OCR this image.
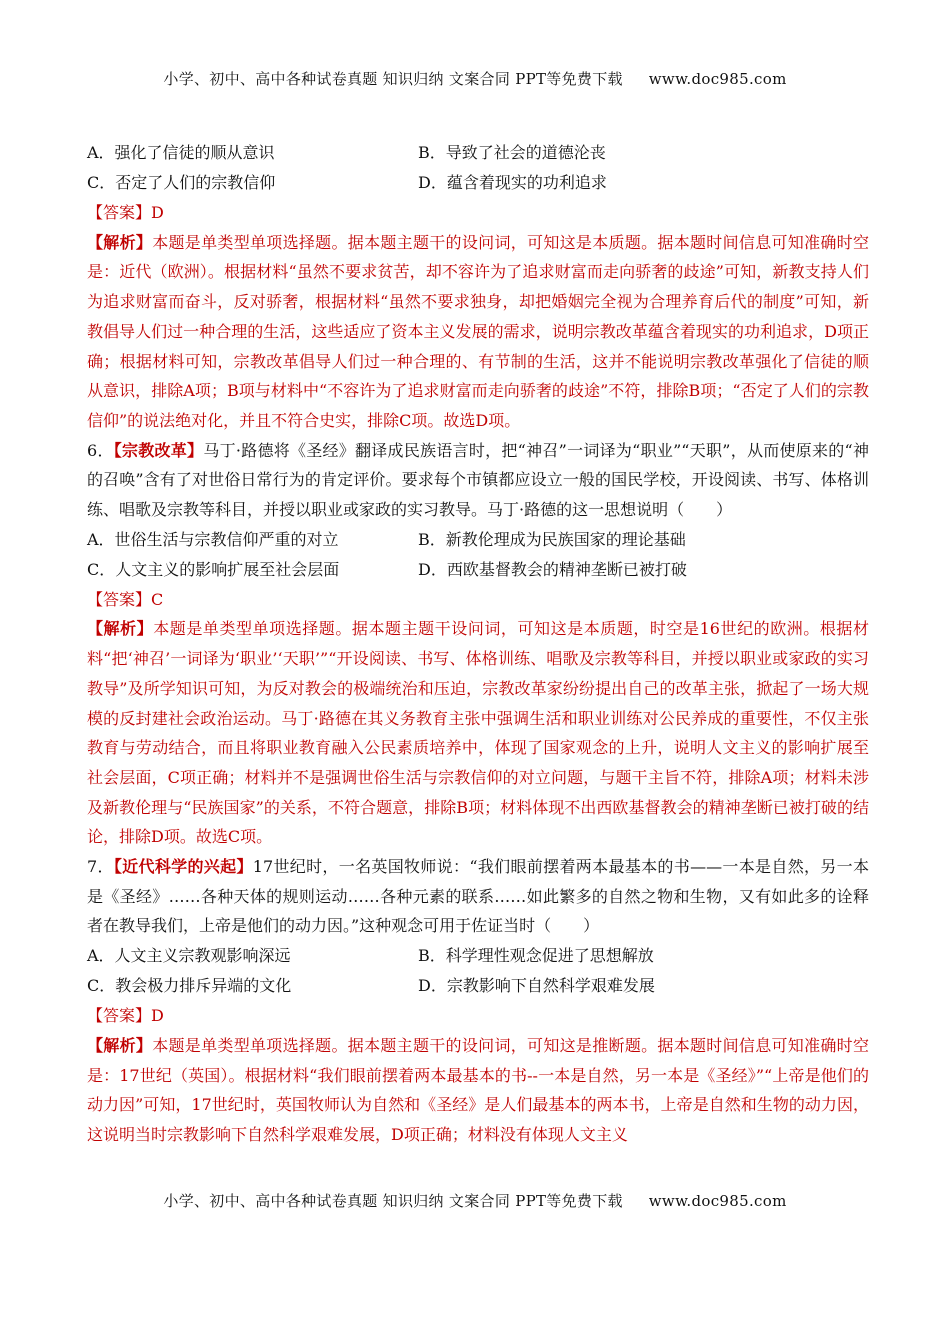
小学、初中、高中各种试卷真题 知识归纳 文案合同 PPT等免费下载 www.doc985.com
A．强化了信徒的顺从意识	B．导致了社会的道德沦丧
C．否定了人们的宗教信仰	D．蕴含着现实的功利追求

【答案】D

【解析】本题是单类型单项选择题。据本题主题干的设问词，可知这是本质题。据本题时间信息可知准确时空是：近代（欧洲）。根据材料“虽然不要求贫苦，却不容许为了追求财富而走向骄奢的歧途”可知，新教支持人们为追求财富而奋斗，反对骄奢，根据材料“虽然不要求独身，却把婚姻完全视为合理养育后代的制度”可知，新教倡导人们过一种合理的生活，这些适应了资本主义发展的需求，说明宗教改革蕴含着现实的功利追求，D项正确；根据材料可知，宗教改革倡导人们过一种合理的、有节制的生活，这并不能说明宗教改革强化了信徒的顺从意识，排除A项；B项与材料中“不容许为了追求财富而走向骄奢的歧途”不符，排除B项；“否定了人们的宗教信仰”的说法绝对化，并且不符合史实，排除C项。故选D项。

6．【宗教改革】马丁·路德将《圣经》翻译成民族语言时，把“神召”一词译为“职业”“天职”，从而使原来的“神的召唤”含有了对世俗日常行为的肯定评价。要求每个市镇都应设立一般的国民学校，开设阅读、书写、体格训练、唱歌及宗教等科目，并授以职业或家政的实习教导。马丁·路德的这一思想说明（　　）

A．世俗生活与宗教信仰严重的对立	B．新教伦理成为民族国家的理论基础
C．人文主义的影响扩展至社会层面	D．西欧基督教会的精神垄断已被打破

【答案】C

【解析】本题是单类型单项选择题。据本题主题干设问词，可知这是本质题，时空是16世纪的欧洲。根据材料“把‘神召’一词译为‘职业’‘天职’”“开设阅读、书写、体格训练、唱歌及宗教等科目，并授以职业或家政的实习教导”及所学知识可知，为反对教会的极端统治和压迫，宗教改革家纷纷提出自己的改革主张，掀起了一场大规模的反封建社会政治运动。马丁·路德在其义务教育主张中强调生活和职业训练对公民养成的重要性，不仅主张教育与劳动结合，而且将职业教育融入公民素质培养中，体现了国家观念的上升，说明人文主义的影响扩展至社会层面，C项正确；材料并不是强调世俗生活与宗教信仰的对立问题，与题干主旨不符，排除A项；材料未涉及新教伦理与“民族国家”的关系，不符合题意，排除B项；材料体现不出西欧基督教会的精神垄断已被打破的结论，排除D项。故选C项。

7．【近代科学的兴起】17世纪时，一名英国牧师说：“我们眼前摆着两本最基本的书——一本是自然，另一本是《圣经》……各种天体的规则运动……各种元素的联系……如此繁多的自然之物和生物，又有如此多的诠释者在教导我们，上帝是他们的动力因。”这种观念可用于佐证当时（　　）

A．人文主义宗教观影响深远	B．科学理性观念促进了思想解放
C．教会极力排斥异端的文化	D．宗教影响下自然科学艰难发展

【答案】D

【解析】本题是单类型单项选择题。据本题主题干的设问词，可知这是推断题。据本题时间信息可知准确时空是：17世纪（英国）。根据材料“我们眼前摆着两本最基本的书--一本是自然，另一本是《圣经》”“上帝是他们的动力因”可知，17世纪时，英国牧师认为自然和《圣经》是人们最基本的两本书，上帝是自然和生物的动力因，这说明当时宗教影响下自然科学艰难发展，D项正确；材料没有体现人文主义

小学、初中、高中各种试卷真题 知识归纳 文案合同 PPT等免费下载 www.doc985.com
